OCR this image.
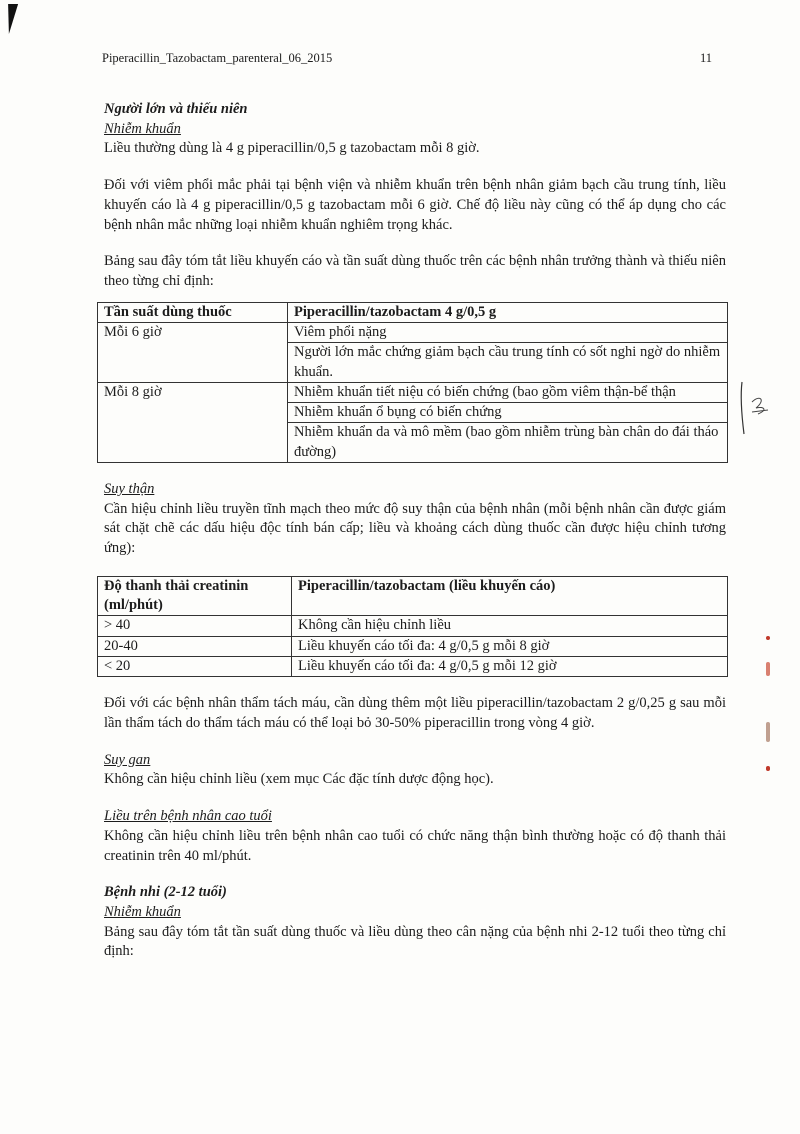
Piperacillin_Tazobactam_parenteral_06_2015	11

Người lớn và thiếu niên

Nhiễm khuẩn

Liều thường dùng là 4 g piperacillin/0,5 g tazobactam mỗi 8 giờ.

Đối với viêm phổi mắc phải tại bệnh viện và nhiễm khuẩn trên bệnh nhân giảm bạch cầu trung tính, liều khuyến cáo là 4 g piperacillin/0,5 g tazobactam mỗi 6 giờ. Chế độ liều này cũng có thể áp dụng cho các bệnh nhân mắc những loại nhiễm khuẩn nghiêm trọng khác.

Bảng sau đây tóm tắt liều khuyến cáo và tần suất dùng thuốc trên các bệnh nhân trưởng thành và thiếu niên theo từng chỉ định:

Tần suất dùng thuốc	Piperacillin/tazobactam 4 g/0,5 g
Mỗi 6 giờ	Viêm phổi nặng
	Người lớn mắc chứng giảm bạch cầu trung tính có sốt nghi ngờ do nhiễm khuẩn.
Mỗi 8 giờ	Nhiễm khuẩn tiết niệu có biến chứng (bao gồm viêm thận-bể thận
	Nhiễm khuẩn ổ bụng có biến chứng
	Nhiễm khuẩn da và mô mềm (bao gồm nhiễm trùng bàn chân do đái tháo đường)

Suy thận

Cần hiệu chỉnh liều truyền tĩnh mạch theo mức độ suy thận của bệnh nhân (mỗi bệnh nhân cần được giám sát chặt chẽ các dấu hiệu độc tính bán cấp; liều và khoảng cách dùng thuốc cần được hiệu chỉnh tương ứng):

Độ thanh thải creatinin (ml/phút)	Piperacillin/tazobactam (liều khuyến cáo)
> 40	Không cần hiệu chỉnh liều
20-40	Liều khuyến cáo tối đa: 4 g/0,5 g mỗi 8 giờ
< 20	Liều khuyến cáo tối đa: 4 g/0,5 g mỗi 12 giờ

Đối với các bệnh nhân thẩm tách máu, cần dùng thêm một liều piperacillin/tazobactam 2 g/0,25 g sau mỗi lần thẩm tách do thẩm tách máu có thể loại bỏ 30-50% piperacillin trong vòng 4 giờ.

Suy gan

Không cần hiệu chỉnh liều (xem mục Các đặc tính dược động học).

Liều trên bệnh nhân cao tuổi

Không cần hiệu chỉnh liều trên bệnh nhân cao tuổi có chức năng thận bình thường hoặc có độ thanh thải creatinin trên 40 ml/phút.

Bệnh nhi (2-12 tuổi)

Nhiễm khuẩn

Bảng sau đây tóm tắt tần suất dùng thuốc và liều dùng theo cân nặng của bệnh nhi 2-12 tuổi theo từng chỉ định:
